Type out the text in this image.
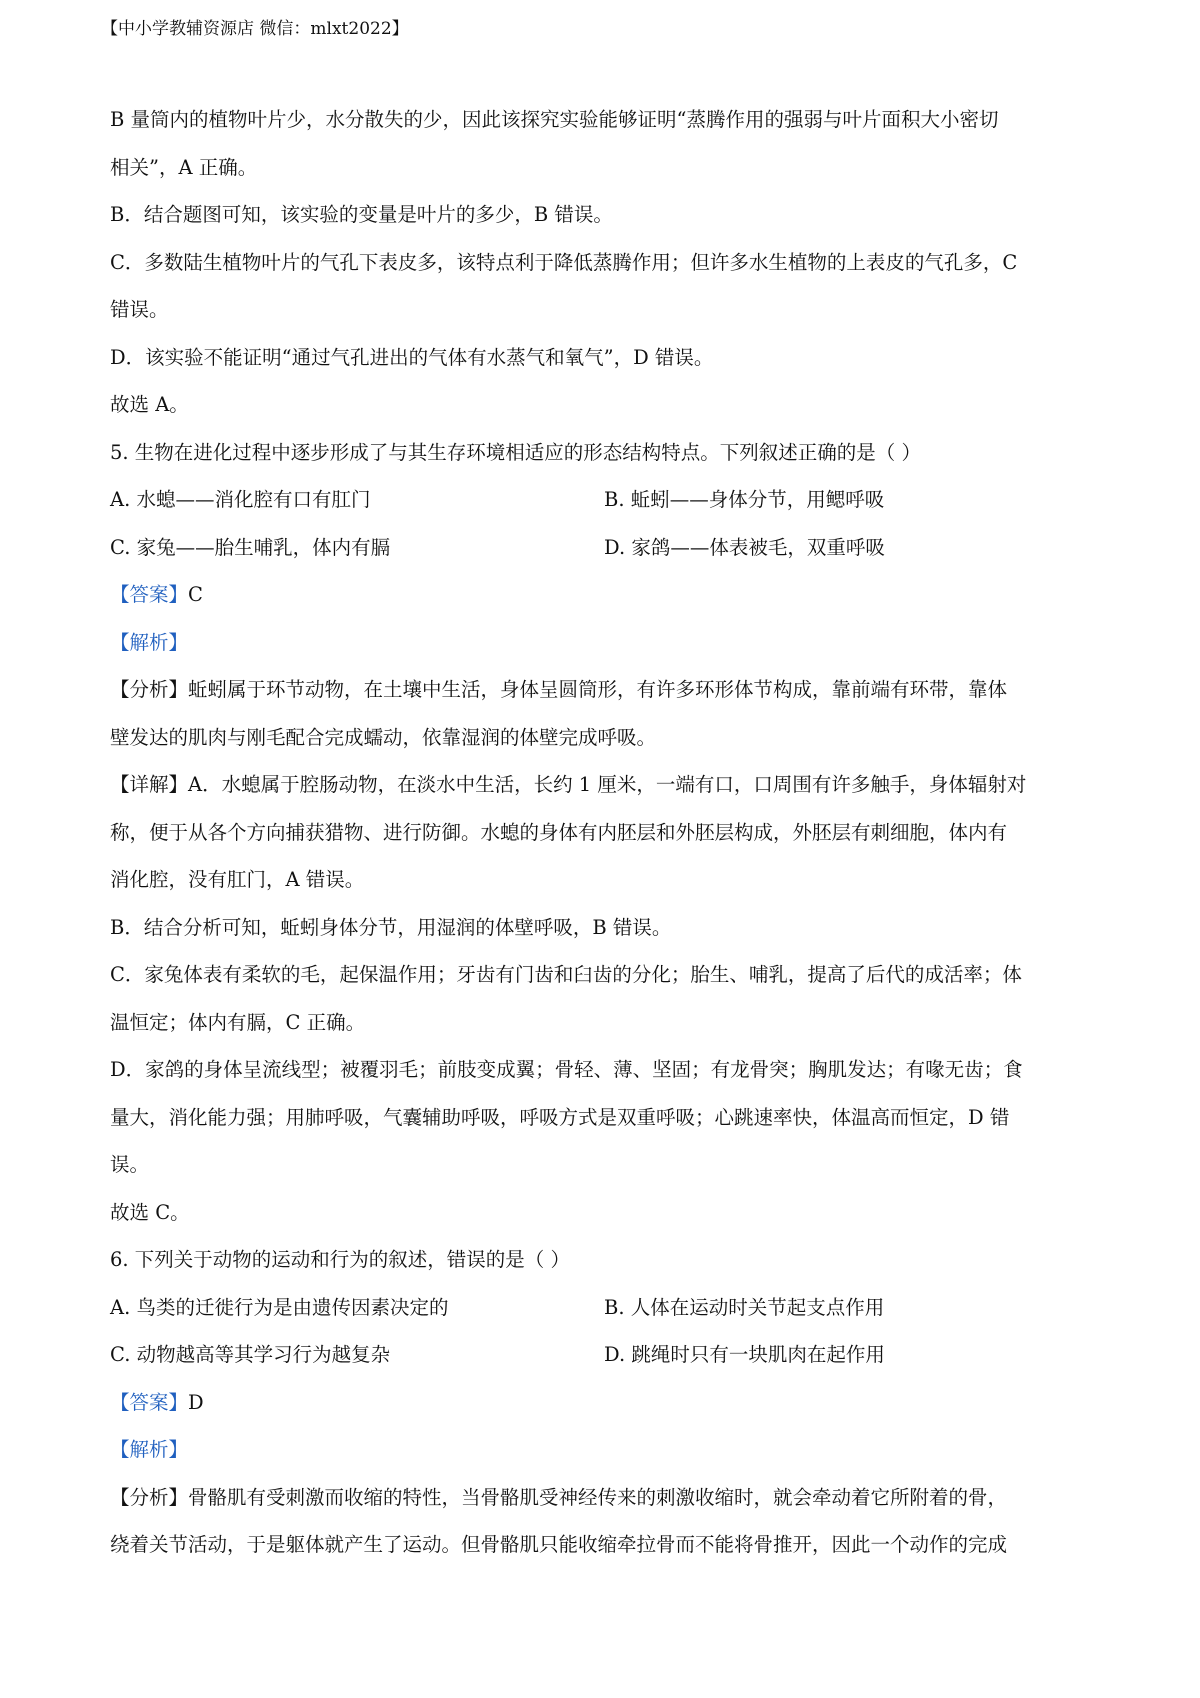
【中小学教辅资源店 微信：mlxt2022】
B 量筒内的植物叶片少，水分散失的少，因此该探究实验能够证明“蒸腾作用的强弱与叶片面积大小密切
相关”，A 正确。
B．结合题图可知，该实验的变量是叶片的多少，B 错误。
C．多数陆生植物叶片的气孔下表皮多，该特点利于降低蒸腾作用；但许多水生植物的上表皮的气孔多，C
错误。
D．该实验不能证明“通过气孔进出的气体有水蒸气和氧气”，D 错误。
故选 A。
5. 生物在进化过程中逐步形成了与其生存环境相适应的形态结构特点。下列叙述正确的是（ ）
A. 水螅——消化腔有口有肛门	B. 蚯蚓——身体分节，用鳃呼吸
C. 家兔——胎生哺乳，体内有膈	D. 家鸽——体表被毛，双重呼吸
【答案】C
【解析】
【分析】蚯蚓属于环节动物，在土壤中生活，身体呈圆筒形，有许多环形体节构成，靠前端有环带，靠体
壁发达的肌肉与刚毛配合完成蠕动，依靠湿润的体壁完成呼吸。
【详解】A．水螅属于腔肠动物，在淡水中生活，长约 1 厘米，一端有口，口周围有许多触手，身体辐射对
称，便于从各个方向捕获猎物、进行防御。水螅的身体有内胚层和外胚层构成，外胚层有刺细胞，体内有
消化腔，没有肛门，A 错误。
B．结合分析可知，蚯蚓身体分节，用湿润的体壁呼吸，B 错误。
C．家兔体表有柔软的毛，起保温作用；牙齿有门齿和臼齿的分化；胎生、哺乳，提高了后代的成活率；体
温恒定；体内有膈，C 正确。
D．家鸽的身体呈流线型；被覆羽毛；前肢变成翼；骨轻、薄、坚固；有龙骨突；胸肌发达；有喙无齿；食
量大，消化能力强；用肺呼吸，气囊辅助呼吸，呼吸方式是双重呼吸；心跳速率快，体温高而恒定，D 错
误。
故选 C。
6. 下列关于动物的运动和行为的叙述，错误的是（ ）
A. 鸟类的迁徙行为是由遗传因素决定的	B. 人体在运动时关节起支点作用
C. 动物越高等其学习行为越复杂	D. 跳绳时只有一块肌肉在起作用
【答案】D
【解析】
【分析】骨骼肌有受刺激而收缩的特性，当骨骼肌受神经传来的刺激收缩时，就会牵动着它所附着的骨，
绕着关节活动，于是躯体就产生了运动。但骨骼肌只能收缩牵拉骨而不能将骨推开，因此一个动作的完成
